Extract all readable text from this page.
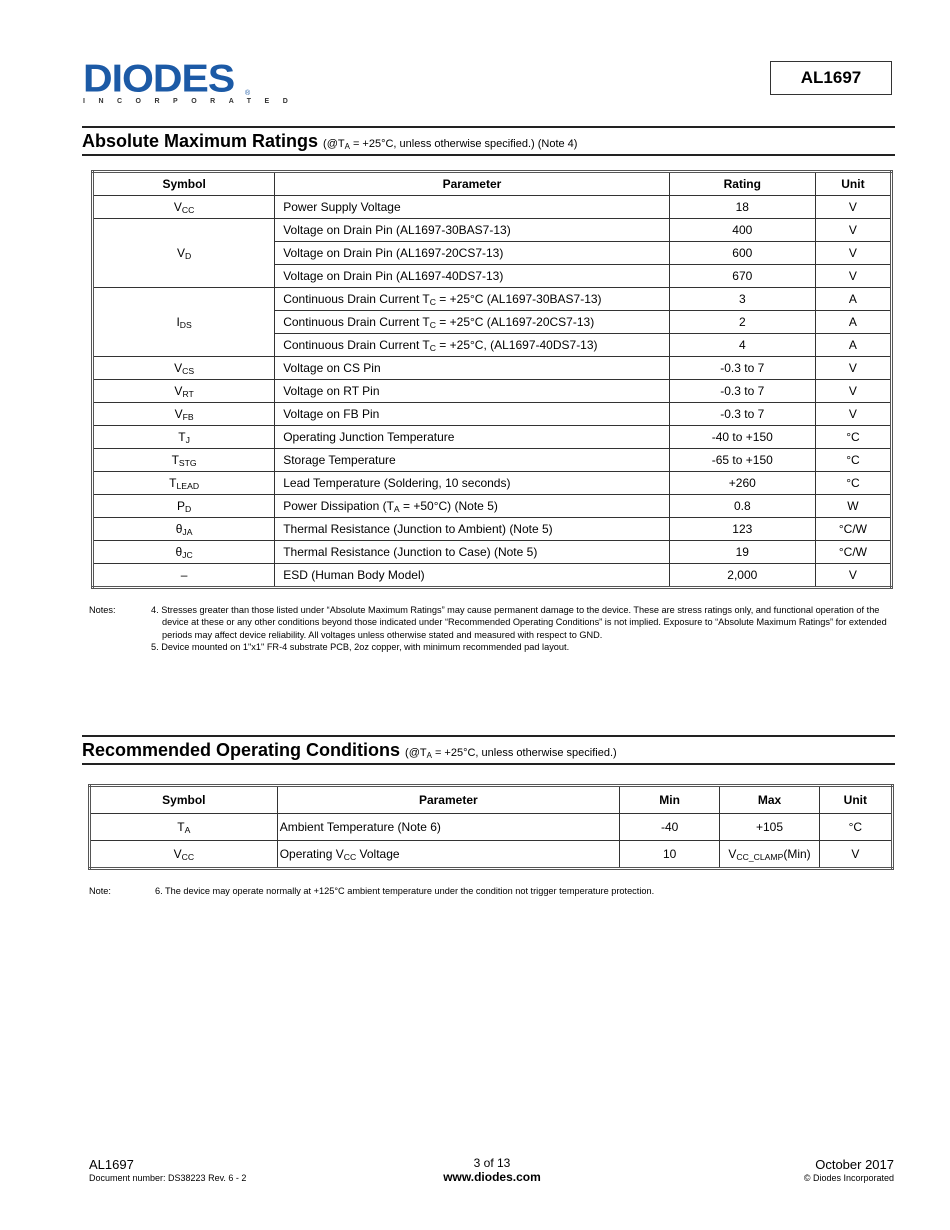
DIODES
INCORPORATED
®
AL1697
Absolute Maximum Ratings ($@T_A = +25^\circ C$, unless otherwise specified.) (Note 4)
Symbol	Parameter	Rating	Unit
$V_{CC}$	Power Supply Voltage	18	V
$V_D$	Voltage on Drain Pin (AL1697-30BAS7-13)	400	V
	Voltage on Drain Pin (AL1697-20CS7-13)	600	V
	Voltage on Drain Pin (AL1697-40DS7-13)	670	V
$I_{DS}$	Continuous Drain Current $T_C = +25^\circ C$ (AL1697-30BAS7-13)	3	A
	Continuous Drain Current $T_C = +25^\circ C$ (AL1697-20CS7-13)	2	A
	Continuous Drain Current $T_C = +25^\circ C$, (AL1697-40DS7-13)	4	A
$V_{CS}$	Voltage on CS Pin	-0.3 to 7	V
$V_{RT}$	Voltage on RT Pin	-0.3 to 7	V
$V_{FB}$	Voltage on FB Pin	-0.3 to 7	V
$T_J$	Operating Junction Temperature	-40 to +150	°C
$T_{STG}$	Storage Temperature	-65 to +150	°C
$T_{LEAD}$	Lead Temperature (Soldering, 10 seconds)	+260	°C
$P_D$	Power Dissipation $(T_A = +50^\circ C)$ (Note 5)	0.8	W
$\theta_{JA}$	Thermal Resistance (Junction to Ambient) (Note 5)	123	°C/W
$\theta_{JC}$	Thermal Resistance (Junction to Case) (Note 5)	19	°C/W
–	ESD (Human Body Model)	2,000	V
Notes:	4. Stresses greater than those listed under “Absolute Maximum Ratings” may cause permanent damage to the device. These are stress ratings only, and functional operation of the device at these or any other conditions beyond those indicated under “Recommended Operating Conditions” is not implied. Exposure to “Absolute Maximum Ratings” for extended periods may affect device reliability. All voltages unless otherwise stated and measured with respect to GND.
5. Device mounted on 1"x1" FR-4 substrate PCB, 2oz copper, with minimum recommended pad layout.
Recommended Operating Conditions ($@T_A = +25^\circ C$, unless otherwise specified.)
Symbol	Parameter	Min	Max	Unit
$T_A$	Ambient Temperature (Note 6)	-40	+105	°C
$V_{CC}$	Operating $V_{CC}$ Voltage	10	$V_{CC\_CLAMP}(Min)$	V
Note:	6. The device may operate normally at +125°C ambient temperature under the condition not trigger temperature protection.
AL1697
Document number: DS38223 Rev. 6 - 2
3 of 13
www.diodes.com
October 2017
© Diodes Incorporated
